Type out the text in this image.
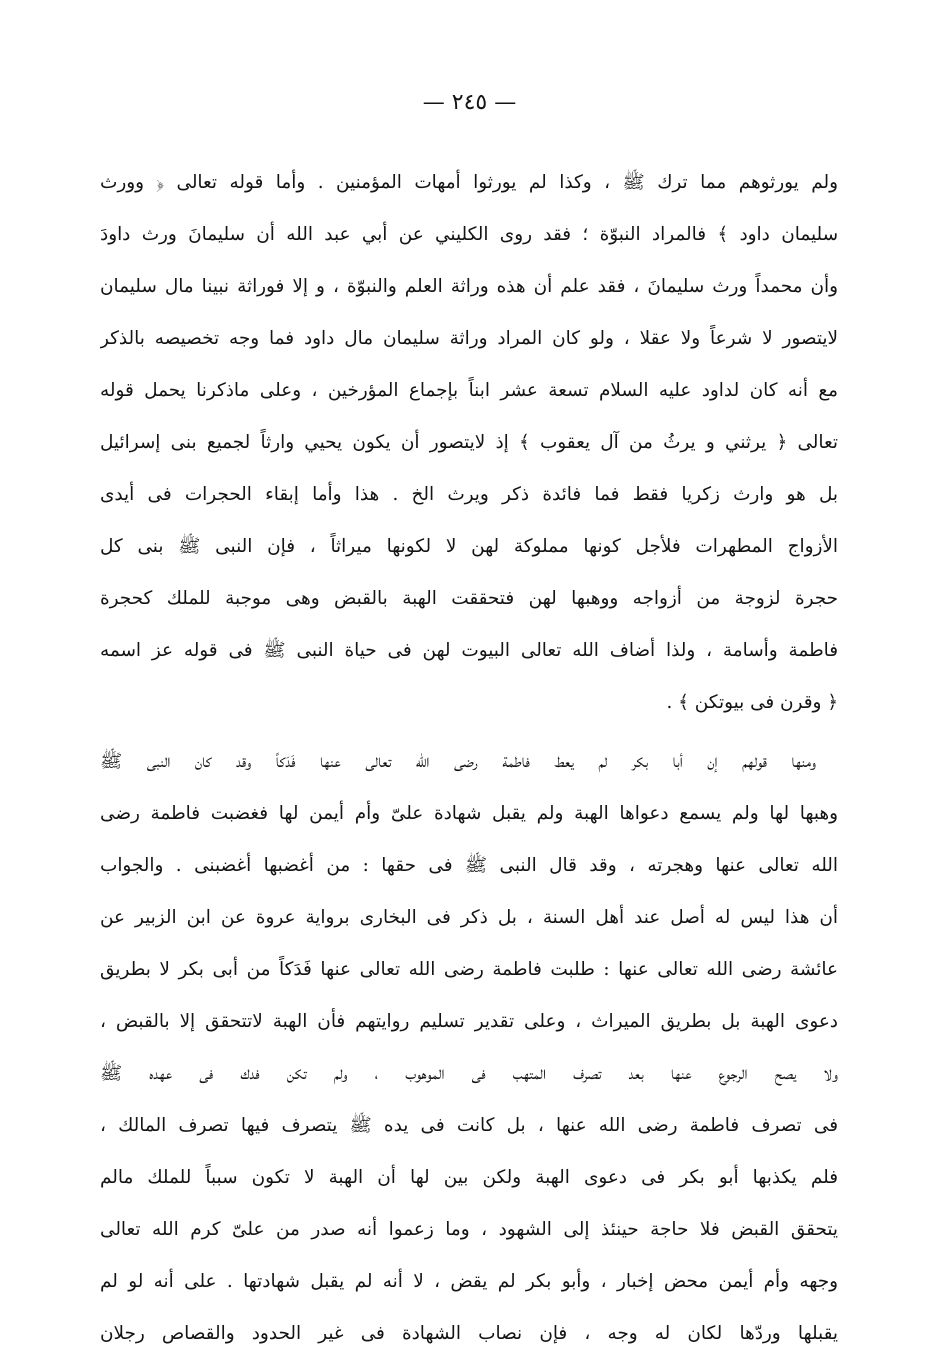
— ٢٤٥ —
ولم يورثوهم مما ترك ﷺ ، وكذا لم يورثوا أمهات المؤمنين . وأما قوله تعالى ﴿ وورث
سليمان داود ﴾ فالمراد النبوّة ؛ فقد روى الكليني عن أبي عبد الله أن سليمانَ ورث داودَ
وأن محمداً ورث سليمانَ ، فقد علم أن هذه وراثة العلم والنبوّة ، و إلا فوراثة نبينا مال سليمان
لايتصور لا شرعاً ولا عقلا ، ولو كان المراد وراثة سليمان مال داود فما وجه تخصيصه بالذكر
مع أنه كان لداود عليه السلام تسعة عشر ابناً بإجماع المؤرخين ، وعلى ماذكرنا يحمل قوله
تعالى ﴿ يرثني و يرثُ من آل يعقوب ﴾ إذ لايتصور أن يكون يحيي وارثاً لجميع بنى إسرائيل
بل هو وارث زكريا فقط فما فائدة ذكر ويرث الخ . هذا وأما إبقاء الحجرات فى أيدى
الأزواج المطهرات فلأجل كونها مملوكة لهن لا لكونها ميراثاً ، فإن النبى ﷺ بنى كل
حجرة لزوجة من أزواجه ووهبها لهن فتحققت الهبة بالقبض وهى موجبة للملك كحجرة
فاطمة وأسامة ، ولذا أضاف الله تعالى البيوت لهن فى حياة النبى ﷺ فى قوله عز اسمه
﴿ وقرن فى بيوتكن ﴾ .
ومنها قولهم إن أبا بكر لم يعط فاطمة رضى الله تعالى عنها فَدَكاً وقد كان النبى ﷺ
وهبها لها ولم يسمع دعواها الهبة ولم يقبل شهادة علىّ وأم أيمن لها فغضبت فاطمة رضى
الله تعالى عنها وهجرته ، وقد قال النبى ﷺ فى حقها : من أغضبها أغضبنى . والجواب
أن هذا ليس له أصل عند أهل السنة ، بل ذكر فى البخارى برواية عروة عن ابن الزبير عن
عائشة رضى الله تعالى عنها : طلبت فاطمة رضى الله تعالى عنها فَدَكاً من أبى بكر لا بطريق
دعوى الهبة بل بطريق الميراث ، وعلى تقدير تسليم روايتهم فأن الهبة لاتتحقق إلا بالقبض ،
ولا يصح الرجوع عنها بعد تصرف المتهب فى الموهوب ، ولم تكن فدك فى عهده ﷺ
فى تصرف فاطمة رضى الله عنها ، بل كانت فى يده ﷺ يتصرف فيها تصرف المالك ،
فلم يكذبها أبو بكر فى دعوى الهبة ولكن بين لها أن الهبة لا تكون سبباً للملك مالم
يتحقق القبض فلا حاجة حينئذ إلى الشهود ، وما زعموا أنه صدر من علىّ كرم الله تعالى
وجهه وأم أيمن محض إخبار ، وأبو بكر لم يقض ، لا أنه لم يقبل شهادتها . على أنه لو لم
يقبلها وردّها لكان له وجه ، فإن نصاب الشهادة فى غير الحدود والقصاص رجلان
